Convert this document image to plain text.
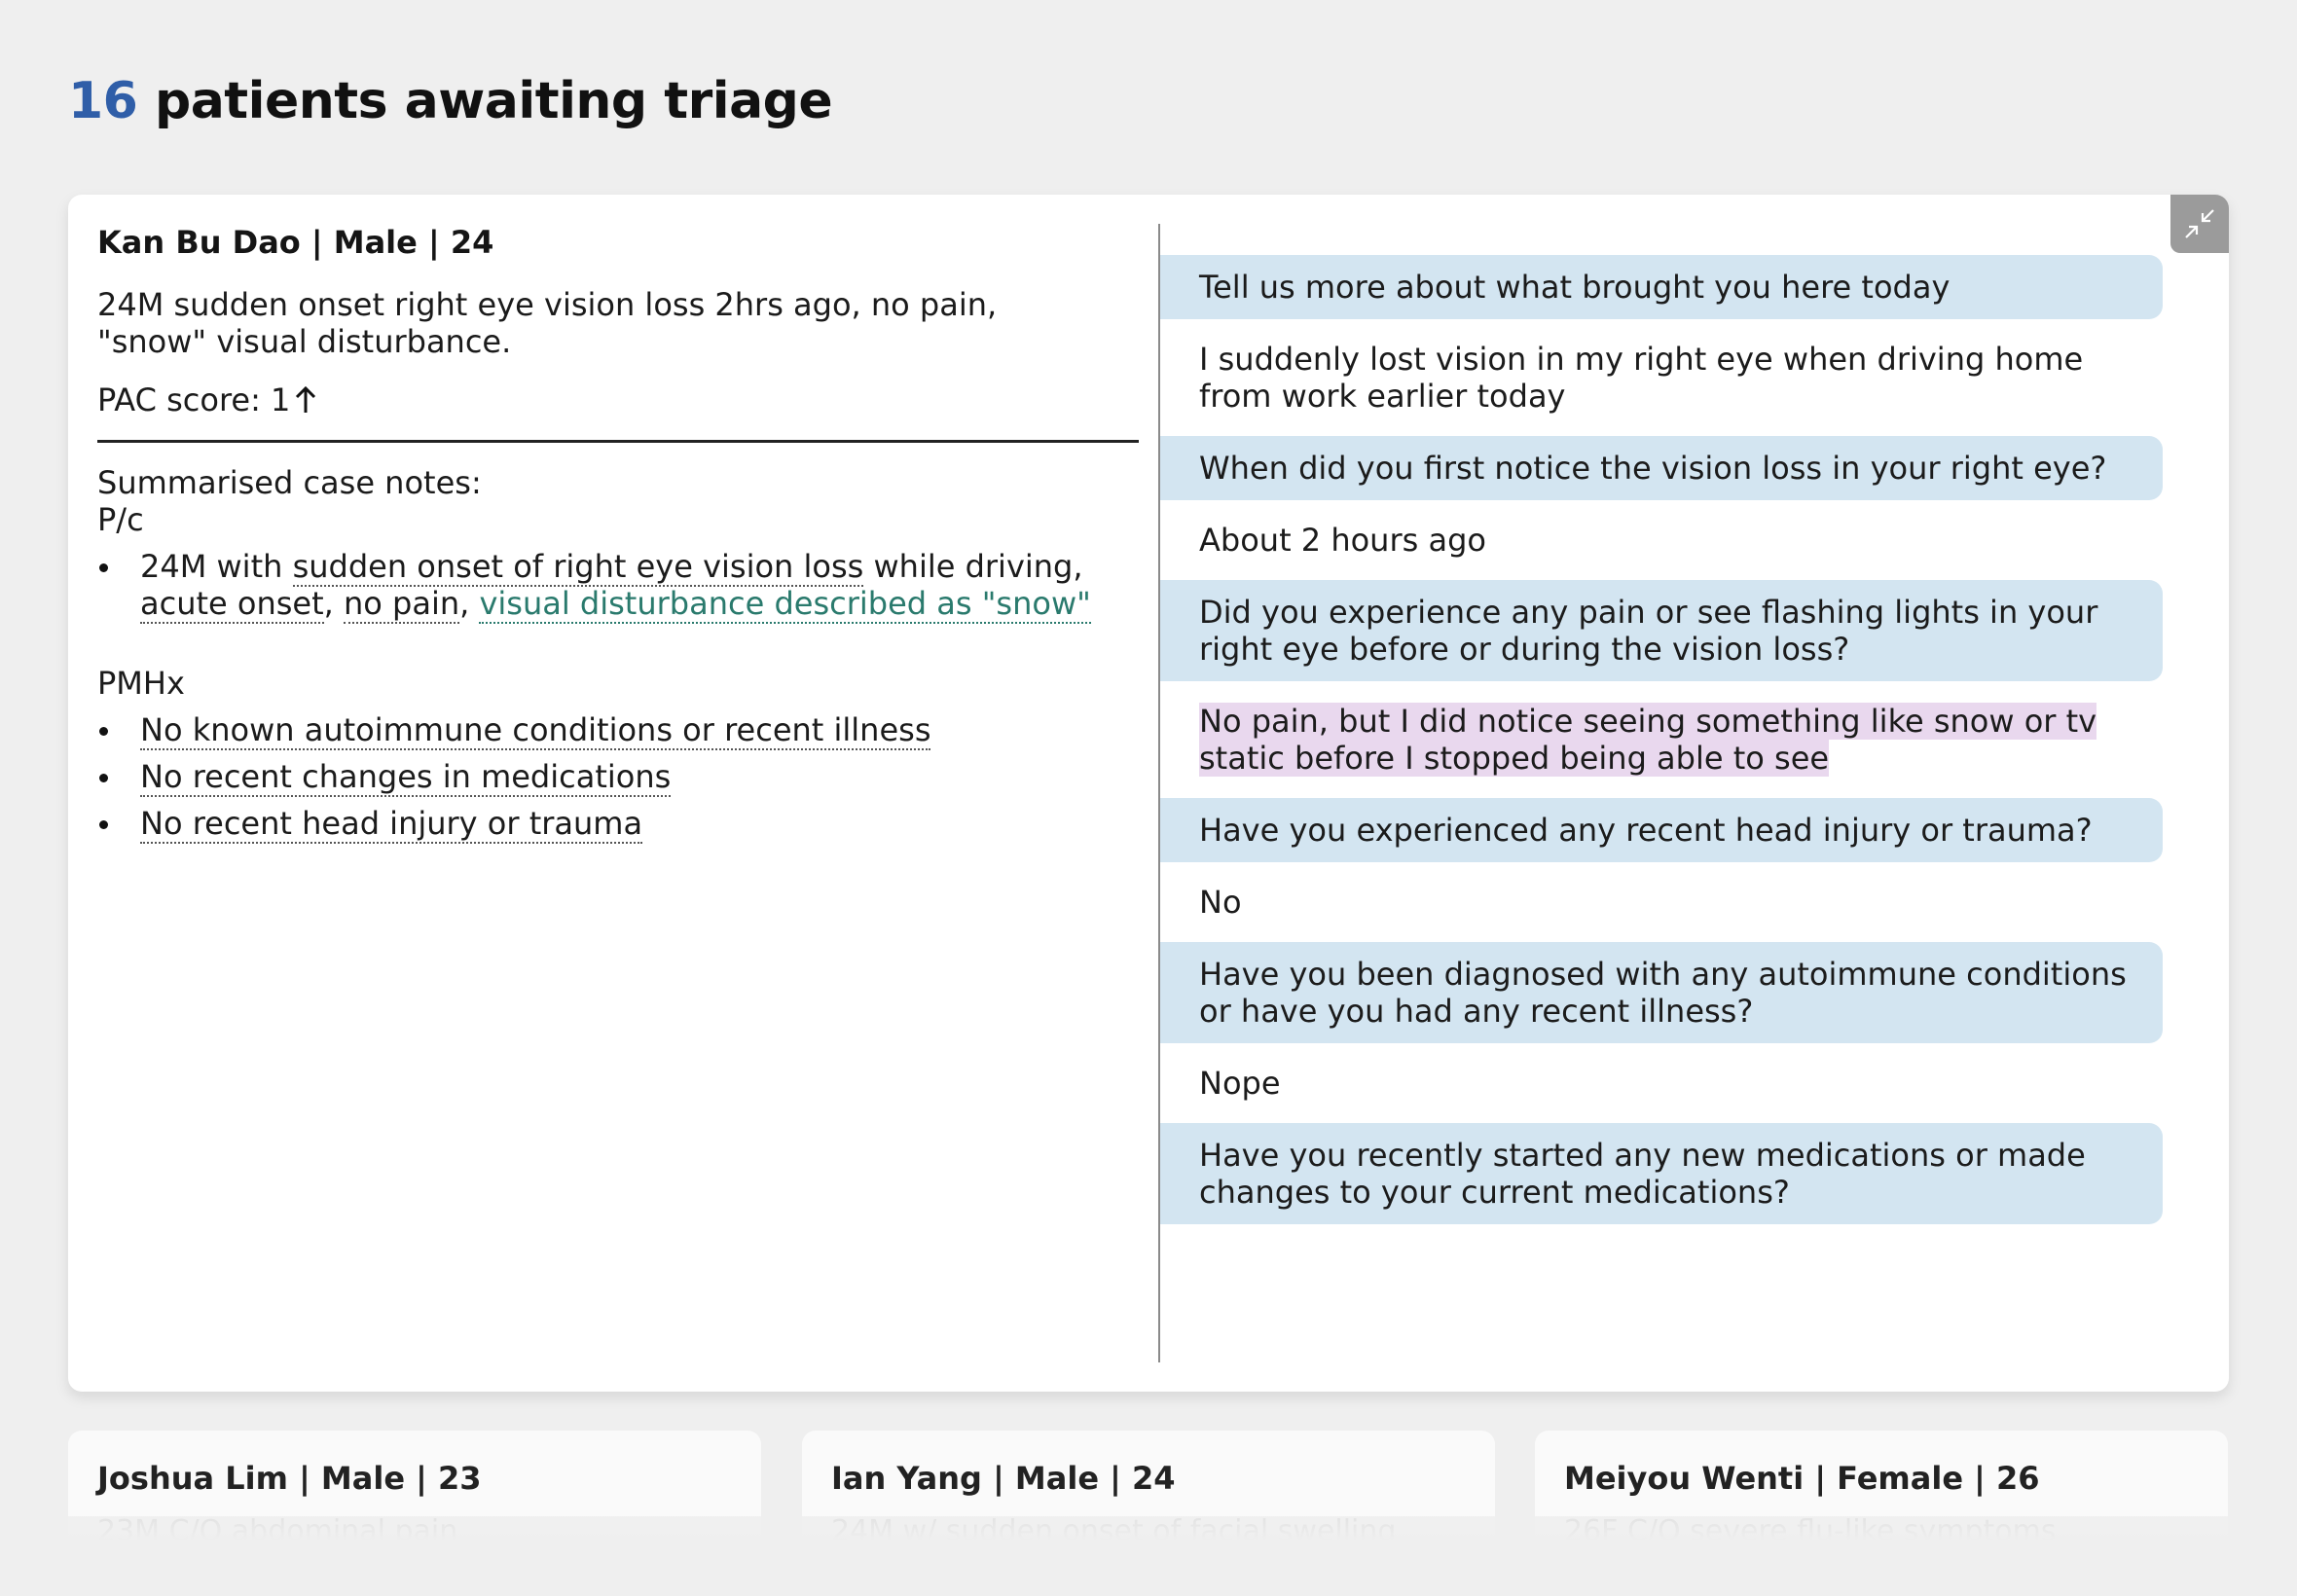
16 patients awaiting triage
Kan Bu Dao | Male | 24
24M sudden onset right eye vision loss 2hrs ago, no pain, "snow" visual disturbance.
PAC score: 1
Summarised case notes:
P/c
24M with sudden onset of right eye vision loss while driving, acute onset, no pain, visual disturbance described as "snow"
PMHx
No known autoimmune conditions or recent illness
No recent changes in medications
No recent head injury or trauma
Tell us more about what brought you here today
I suddenly lost vision in my right eye when driving home from work earlier today
When did you first notice the vision loss in your right eye?
About 2 hours ago
Did you experience any pain or see flashing lights in your right eye before or during the vision loss?
No pain, but I did notice seeing something like snow or tv static before I stopped being able to see
Have you experienced any recent head injury or trauma?
No
Have you been diagnosed with any autoimmune conditions or have you had any recent illness?
Nope
Have you recently started any new medications or made changes to your current medications?
Joshua Lim | Male | 23	Ian Yang | Male | 24	Meiyou Wenti | Female | 26
